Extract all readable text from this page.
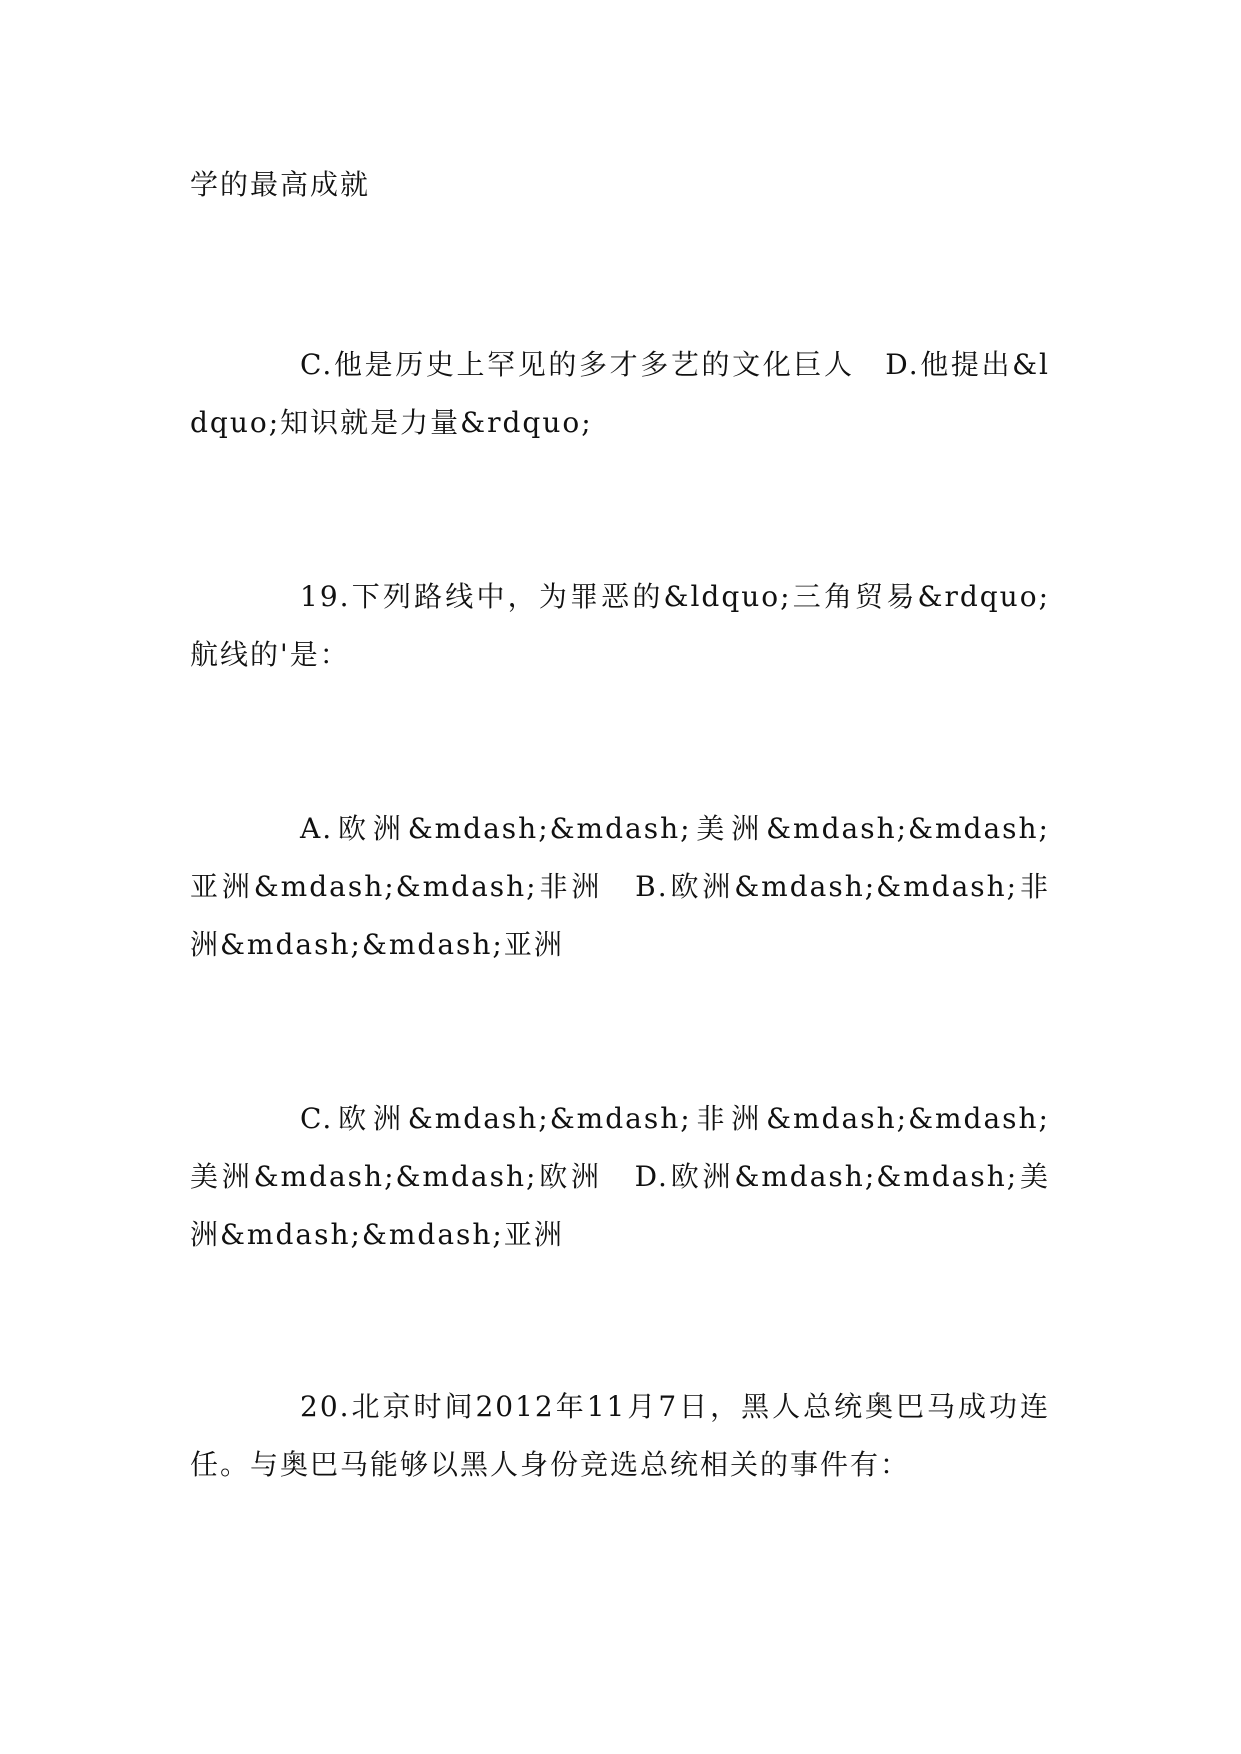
学的最高成就

C.他是历史上罕见的多才多艺的文化巨人　D.他提出&ldquo;知识就是力量&rdquo;

19.下列路线中，为罪恶的&ldquo;三角贸易&rdquo;航线的'是：

A.欧洲&mdash;&mdash;美洲&mdash;&mdash;亚洲&mdash;&mdash;非洲　B.欧洲&mdash;&mdash;非洲&mdash;&mdash;亚洲

C.欧洲&mdash;&mdash;非洲&mdash;&mdash;美洲&mdash;&mdash;欧洲　D.欧洲&mdash;&mdash;美洲&mdash;&mdash;亚洲

20.北京时间2012年11月7日，黑人总统奥巴马成功连任。与奥巴马能够以黑人身份竞选总统相关的事件有：
